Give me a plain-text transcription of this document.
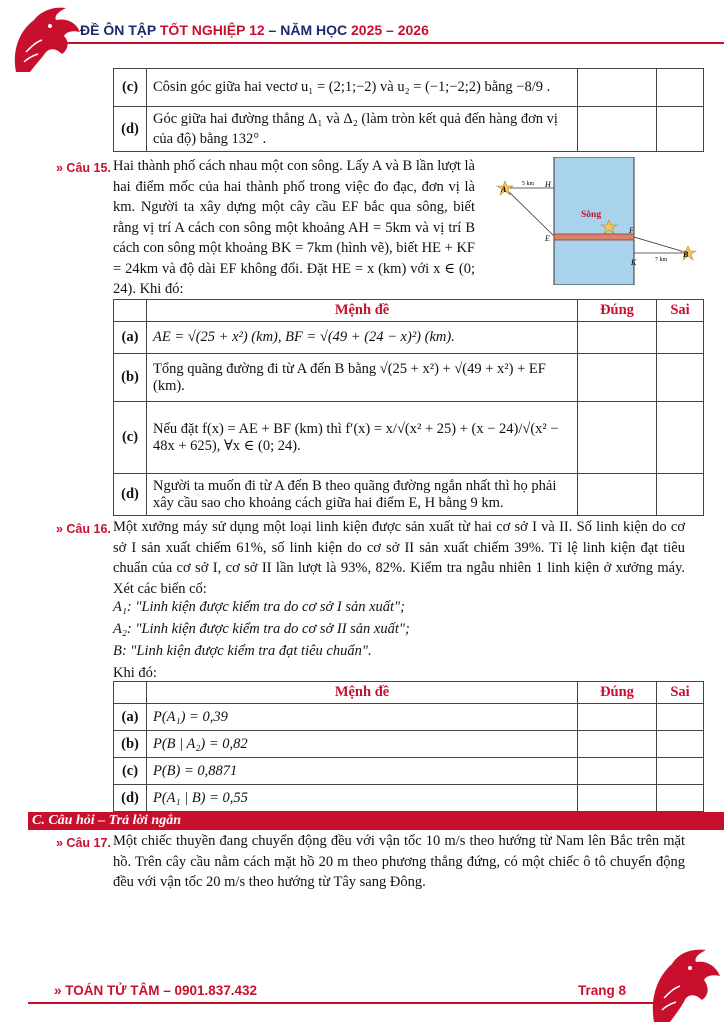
ĐỀ ÔN TẬP TỐT NGHIỆP 12 – NĂM HỌC 2025 – 2026
(c)	Côsin góc giữa hai vectơ u₁ = (2;1;−2) và u₂ = (−1;−2;2) bằng −8/9 .		
(d)	Góc giữa hai đường thẳng Δ₁ và Δ₂ (làm tròn kết quả đến hàng đơn vị của độ) bằng 132° .		
» Câu 15. Hai thành phố cách nhau một con sông. Lấy A và B lần lượt là hai điểm mốc của hai thành phố trong việc đo đạc, đơn vị là km. Người ta xây dựng một cây cầu EF bắc qua sông, biết rằng vị trí A cách con sông một khoảng AH = 5km và vị trí B cách con sông một khoảng BK = 7km (hình vẽ), biết HE + KF = 24km và độ dài EF không đổi. Đặt HE = x (km) với x ∈ (0; 24). Khi đó:
A
B
H
E
F
K
Sông
5 km
7 km
	Mệnh đề	Đúng	Sai
(a)	AE = √(25 + x²) (km), BF = √(49 + (24 − x)²) (km).		
(b)	Tổng quãng đường đi từ A đến B bằng √(25 + x²) + √(49 + x²) + EF (km).		
(c)	Nếu đặt f(x) = AE + BF (km) thì f′(x) = x/√(x² + 25) + (x − 24)/√(x² − 48x + 625), ∀x ∈ (0; 24).		
(d)	Người ta muốn đi từ A đến B theo quãng đường ngắn nhất thì họ phải xây cầu sao cho khoảng cách giữa hai điểm E, H bằng 9 km.		
» Câu 16. Một xưởng máy sử dụng một loại linh kiện được sản xuất từ hai cơ sở I và II. Số linh kiện do cơ sở I sản xuất chiếm 61%, số linh kiện do cơ sở II sản xuất chiếm 39%. Tỉ lệ linh kiện đạt tiêu chuẩn của cơ sở I, cơ sở II lần lượt là 93%, 82%. Kiểm tra ngẫu nhiên 1 linh kiện ở xưởng máy. Xét các biến cố:
A₁: "Linh kiện được kiểm tra do cơ sở I sản xuất";
A₂: "Linh kiện được kiểm tra do cơ sở II sản xuất";
B: "Linh kiện được kiểm tra đạt tiêu chuẩn".
Khi đó:
	Mệnh đề	Đúng	Sai
(a)	P(A₁) = 0,39		
(b)	P(B | A₂) = 0,82		
(c)	P(B) = 0,8871		
(d)	P(A₁ | B) = 0,55		
C. Câu hỏi – Trả lời ngắn
» Câu 17. Một chiếc thuyền đang chuyển động đều với vận tốc 10 m/s theo hướng từ Nam lên Bắc trên mặt hồ. Trên cây cầu nằm cách mặt hồ 20 m theo phương thẳng đứng, có một chiếc ô tô chuyển động đều với vận tốc 20 m/s theo hướng từ Tây sang Đông.
» TOÁN TỬ TÂM – 0901.837.432	Trang 8
